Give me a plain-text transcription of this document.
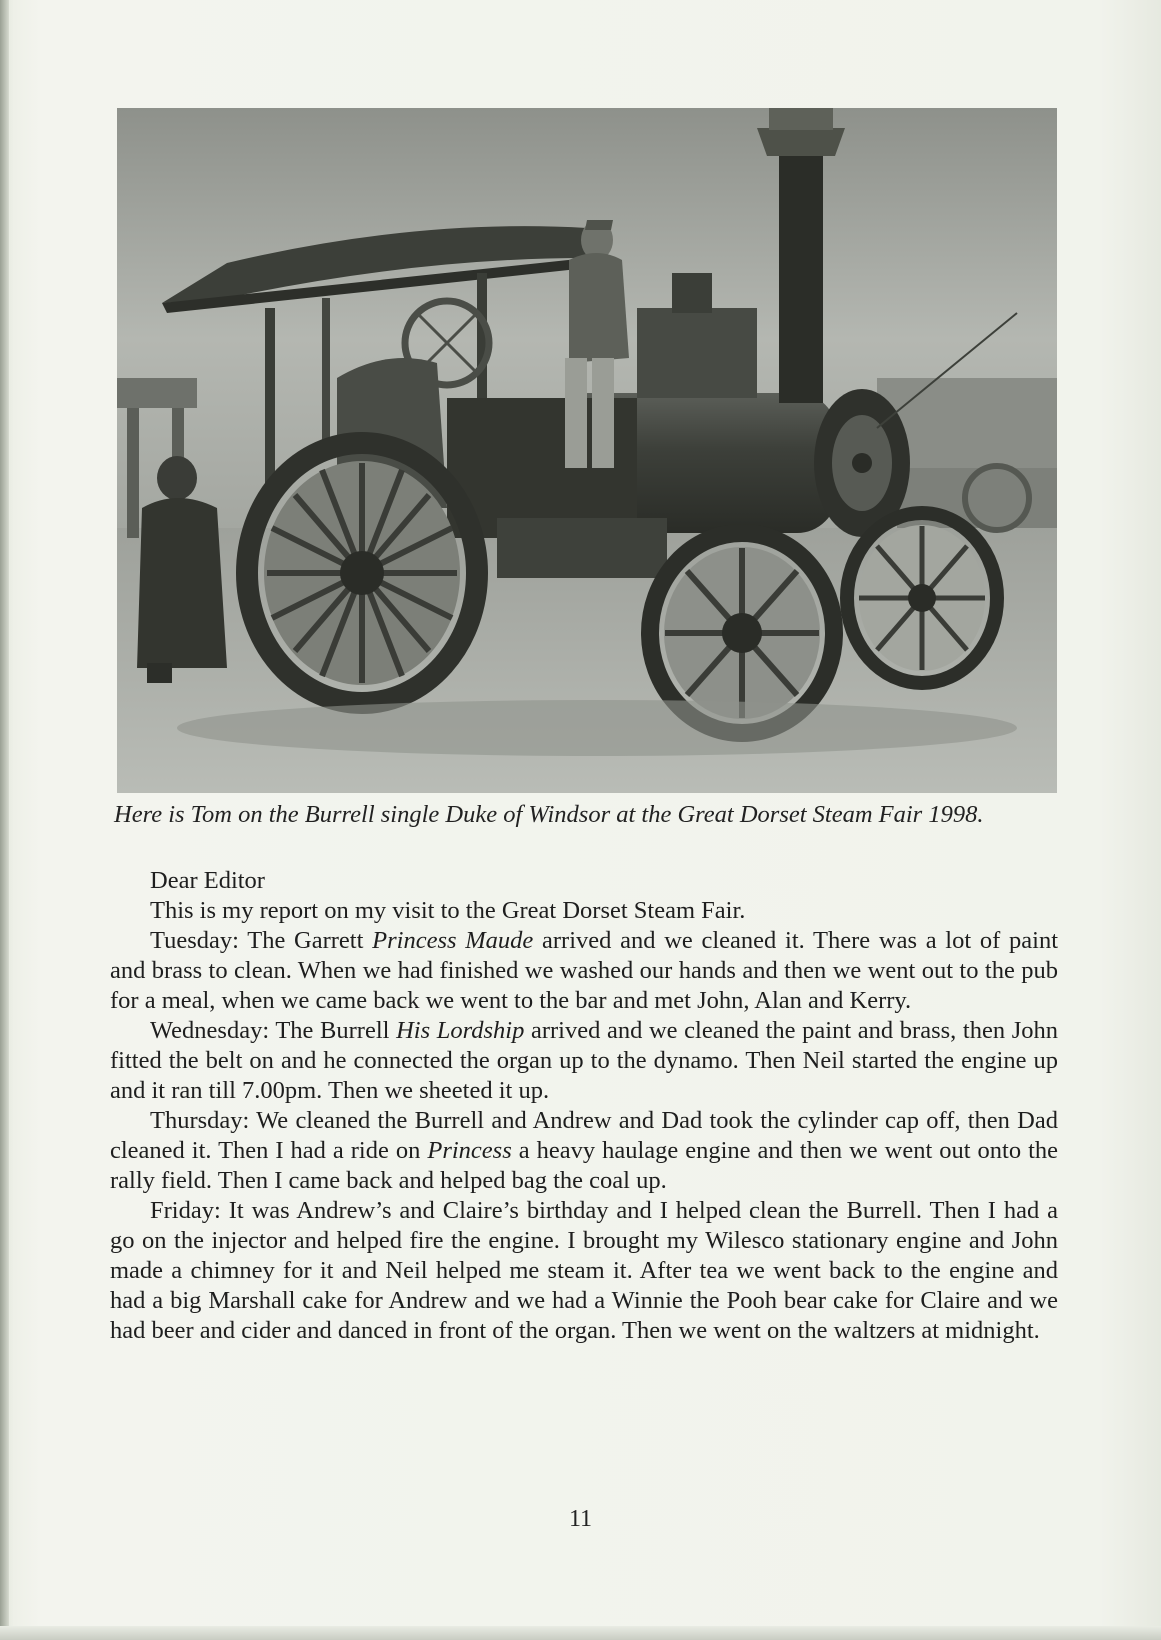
Here is Tom on the Burrell single Duke of Windsor at the Great Dorset Steam Fair 1998.

Dear Editor

This is my report on my visit to the Great Dorset Steam Fair.

Tuesday: The Garrett Princess Maude arrived and we cleaned it. There was a lot of paint and brass to clean. When we had finished we washed our hands and then we went out to the pub for a meal, when we came back we went to the bar and met John, Alan and Kerry.

Wednesday: The Burrell His Lordship arrived and we cleaned the paint and brass, then John fitted the belt on and he connected the organ up to the dynamo. Then Neil started the engine up and it ran till 7.00pm. Then we sheeted it up.

Thursday: We cleaned the Burrell and Andrew and Dad took the cylinder cap off, then Dad cleaned it. Then I had a ride on Princess a heavy haulage engine and then we went out onto the rally field. Then I came back and helped bag the coal up.

Friday: It was Andrew’s and Claire’s birthday and I helped clean the Burrell. Then I had a go on the injector and helped fire the engine. I brought my Wilesco stationary engine and John made a chimney for it and Neil helped me steam it. After tea we went back to the engine and had a big Marshall cake for Andrew and we had a Winnie the Pooh bear cake for Claire and we had beer and cider and danced in front of the organ. Then we went on the waltzers at midnight.

11
